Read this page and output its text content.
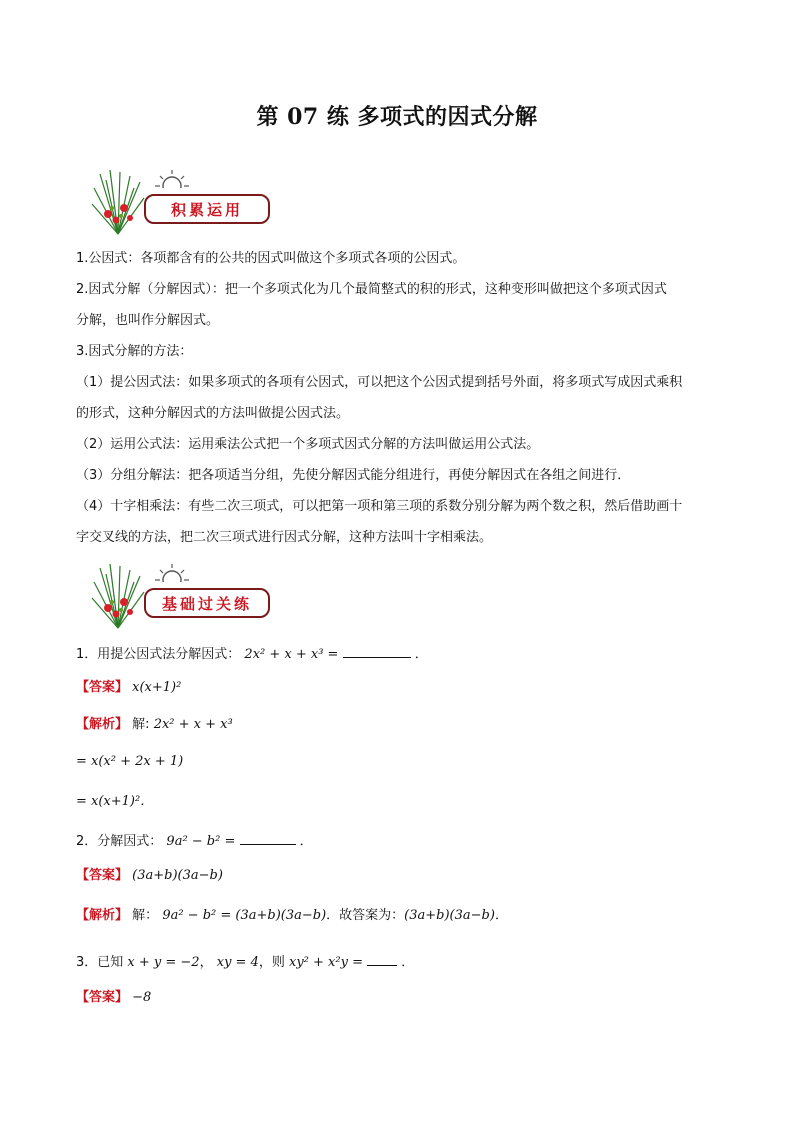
第 07 练 多项式的因式分解
积累运用
1.公因式：各项都含有的公共的因式叫做这个多项式各项的公因式。
2.因式分解（分解因式）：把一个多项式化为几个最简整式的积的形式，这种变形叫做把这个多项式因式
分解，也叫作分解因式。
3.因式分解的方法：
（1）提公因式法：如果多项式的各项有公因式，可以把这个公因式提到括号外面，将多项式写成因式乘积
的形式，这种分解因式的方法叫做提公因式法。
（2）运用公式法：运用乘法公式把一个多项式因式分解的方法叫做运用公式法。
（3）分组分解法：把各项适当分组，先使分解因式能分组进行，再使分解因式在各组之间进行．
（4）十字相乘法：有些二次三项式，可以把第一项和第三项的系数分别分解为两个数之积，然后借助画十
字交叉线的方法，把二次三项式进行因式分解，这种方法叫十字相乘法。
基础过关练
1．用提公因式法分解因式： 2x² + x + x³ =	．
【答案】 x(x+1)²
【解析】 解: 2x² + x + x³
= x(x² + 2x + 1)
= x(x+1)²．
2．分解因式： 9a² − b² =	．
【答案】 (3a+b)(3a−b)
【解析】 解： 9a² − b² = (3a+b)(3a−b)．故答案为：(3a+b)(3a−b)．
3．已知 x + y = −2， xy = 4，则 xy² + x²y =	．
【答案】 −8
